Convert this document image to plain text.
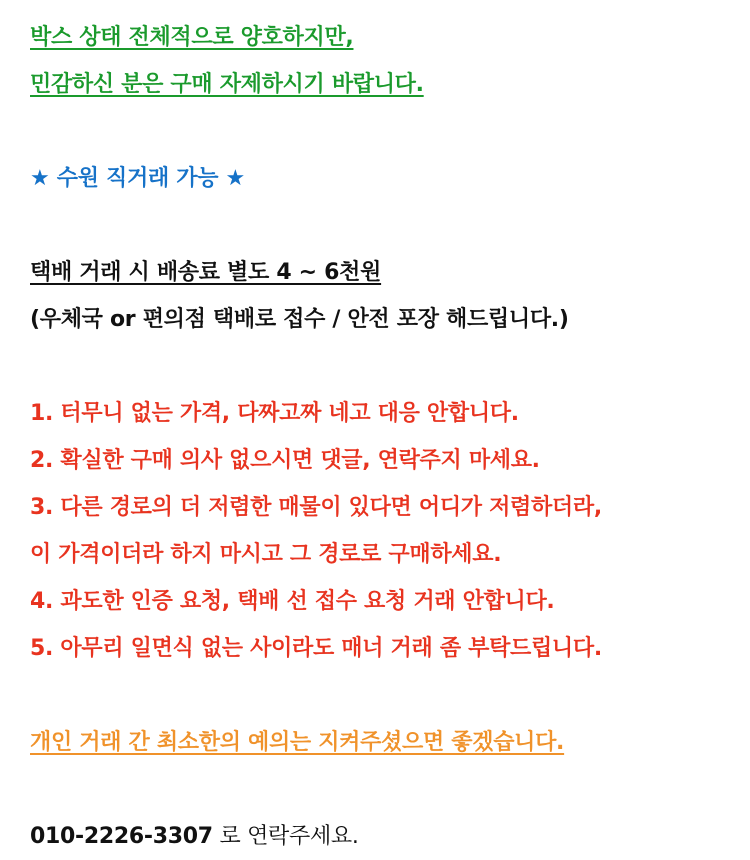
박스 상태 전체적으로 양호하지만,
민감하신 분은 구매 자제하시기 바랍니다.
★ 수원 직거래 가능 ★
택배 거래 시 배송료 별도 4 ~ 6천원
(우체국 or 편의점 택배로 접수 / 안전 포장 해드립니다.)
1. 터무니 없는 가격, 다짜고짜 네고 대응 안합니다.
2. 확실한 구매 의사 없으시면 댓글, 연락주지 마세요.
3. 다른 경로의 더 저렴한 매물이 있다면 어디가 저렴하더라,
이 가격이더라 하지 마시고 그 경로로 구매하세요.
4. 과도한 인증 요청, 택배 선 접수 요청 거래 안합니다.
5. 아무리 일면식 없는 사이라도 매너 거래 좀 부탁드립니다.
개인 거래 간 최소한의 예의는 지켜주셨으면 좋겠습니다.
010-2226-3307 로 연락주세요.
